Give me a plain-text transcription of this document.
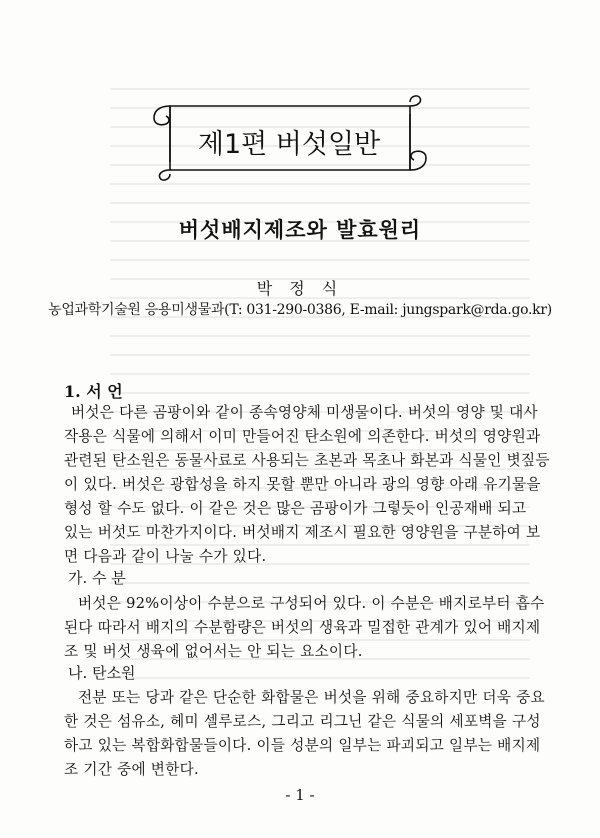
제1편 버섯일반
버섯배지제조와 발효원리
박 정 식
농업과학기술원 응용미생물과(T: 031-290-0386, E-mail: jungspark@rda.go.kr)
1. 서 언
버섯은 다른 곰팡이와 같이 종속영양체 미생물이다. 버섯의 영양 및 대사
작용은 식물에 의해서 이미 만들어진 탄소원에 의존한다. 버섯의 영양원과
관련된 탄소원은 동물사료로 사용되는 초본과 목초나 화본과 식물인 볏짚등
이 있다. 버섯은 광합성을 하지 못할 뿐만 아니라 광의 영향 아래 유기물을
형성 할 수도 없다. 이 같은 것은 많은 곰팡이가 그렇듯이 인공재배 되고
있는 버섯도 마찬가지이다. 버섯배지 제조시 필요한 영양원을 구분하여 보
면 다음과 같이 나눌 수가 있다.
가. 수 분
버섯은 92%이상이 수분으로 구성되어 있다. 이 수분은 배지로부터 흡수
된다 따라서 배지의 수분함량은 버섯의 생육과 밀접한 관계가 있어 배지제
조 및 버섯 생육에 없어서는 안 되는 요소이다.
나. 탄소원
전분 또는 당과 같은 단순한 화합물은 버섯을 위해 중요하지만 더욱 중요
한 것은 섬유소, 헤미 셀루로스, 그리고 리그닌 같은 식물의 세포벽을 구성
하고 있는 복합화합물들이다. 이들 성분의 일부는 파괴되고 일부는 배지제
조 기간 중에 변한다.
- 1 -
